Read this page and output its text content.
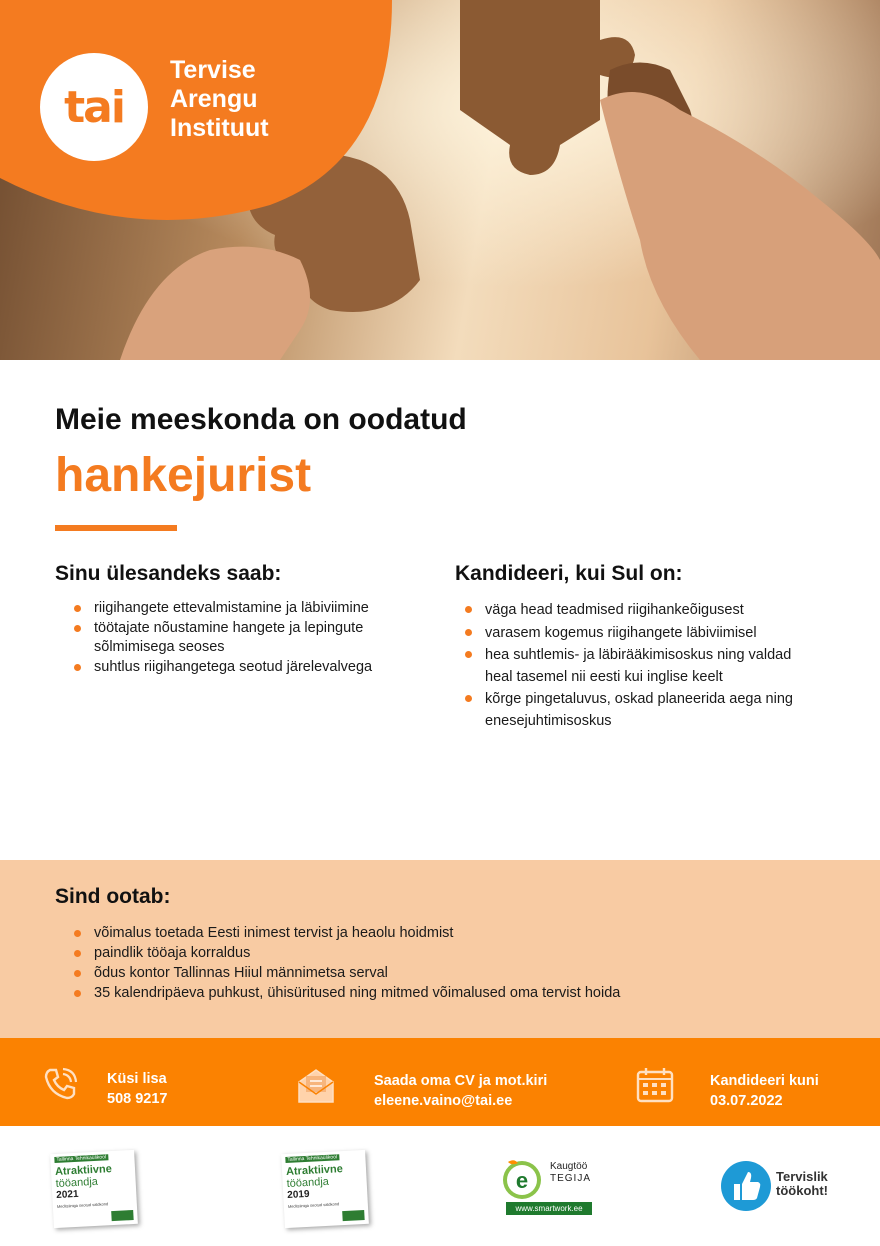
tai
Tervise
Arengu
Instituut
Meie meeskonda on oodatud
hankejurist
Sinu ülesandeks saab:
riigihangete ettevalmistamine ja läbiviimine
töötajate nõustamine hangete ja lepingute sõlmimisega seoses
suhtlus riigihangetega seotud järelevalvega
Kandideeri, kui Sul on:
väga head teadmised riigihankeõigusest
varasem kogemus riigihangete läbiviimisel
hea suhtlemis- ja läbirääkimisoskus ning valdad heal tasemel nii eesti kui inglise keelt
kõrge pingetaluvus, oskad planeerida aega ning enesejuhtimisoskus
Sind ootab:
võimalus toetada Eesti inimest tervist ja heaolu hoidmist
paindlik tööaja korraldus
õdus kontor Tallinnas Hiiul männimetsa serval
35 kalendripäeva puhkust, ühisüritused ning mitmed võimalused oma tervist hoida
Küsi lisa
508 9217
Saada oma CV ja mot.kiri
eleene.vaino@tai.ee
Kandideeri kuni
03.07.2022
Tallinna Tehnikaülikool
Atraktiivne
tööandja
2021
Meditsiiniga seotud valdkond
Tallinna Tehnikaülikool
Atraktiivne
tööandja
2019
Meditsiiniga seotud valdkond
e
Kaugtöö
TEGIJA
www.smartwork.ee
Tervislik
töökoht!
